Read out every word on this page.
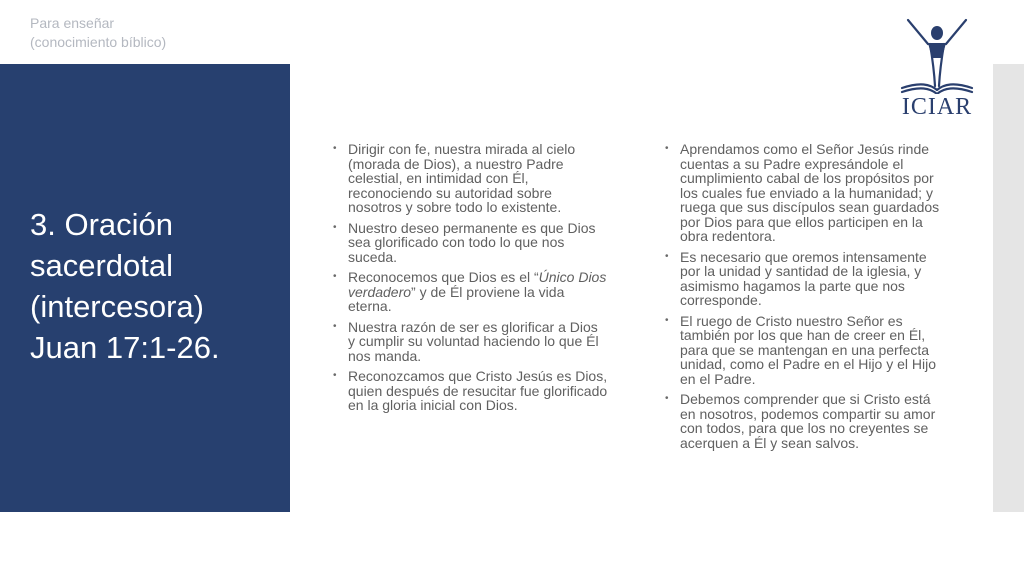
Para enseñar
(conocimiento bíblico)
3. Oración
sacerdotal
(intercesora)
Juan 17:1-26.
ICIAR
• Dirigir con fe, nuestra mirada al cielo (morada de Dios), a nuestro Padre celestial, en intimidad con Él, reconociendo su autoridad sobre nosotros y sobre todo lo existente.
• Nuestro deseo permanente es que Dios sea glorificado con todo lo que nos suceda.
• Reconocemos que Dios es el “Único Dios verdadero” y de Él proviene la vida eterna.
• Nuestra razón de ser es glorificar a Dios y cumplir su voluntad haciendo lo que Él nos manda.
• Reconozcamos que Cristo Jesús es Dios, quien después de resucitar fue glorificado en la gloria inicial con Dios.
• Aprendamos como el Señor Jesús rinde cuentas a su Padre expresándole el cumplimiento cabal de los propósitos por los cuales fue enviado a la humanidad; y ruega que sus discípulos sean guardados por Dios para que ellos participen en la obra redentora.
• Es necesario que oremos intensamente por la unidad y santidad de la iglesia, y asimismo hagamos la parte que nos corresponde.
• El ruego de Cristo nuestro Señor es también por los que han de creer en Él, para que se mantengan en una perfecta unidad, como el Padre en el Hijo y el Hijo en el Padre.
• Debemos comprender que si Cristo está en nosotros, podemos compartir su amor con todos, para que los no creyentes se acerquen a Él y sean salvos.
